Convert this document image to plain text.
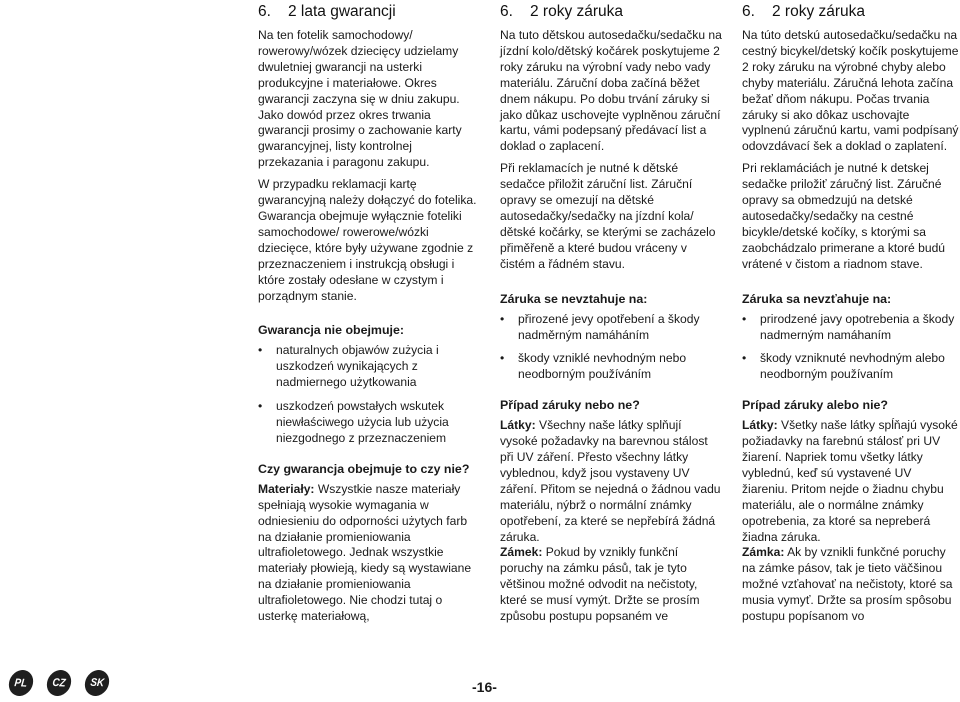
6. 2 lata gwarancji

Na ten fotelik samochodowy/ rowerowy/wózek dziecięcy udzielamy dwuletniej gwarancji na usterki produkcyjne i materiałowe. Okres gwarancji zaczyna się w dniu zakupu. Jako dowód przez okres trwania gwarancji prosimy o zachowanie karty gwarancyjnej, listy kontrolnej przekazania i paragonu zakupu.

W przypadku reklamacji kartę gwarancyjną należy dołączyć do fotelika. Gwarancja obejmuje wyłącznie foteliki samochodowe/ rowerowe/wózki dziecięce, które były używane zgodnie z przeznaczeniem i instrukcją obsługi i które zostały odesłane w czystym i porządnym stanie.

Gwarancja nie obejmuje:
• naturalnych objawów zużycia i uszkodzeń wynikających z nadmiernego użytkowania
• uszkodzeń powstałych wskutek niewłaściwego użycia lub użycia niezgodnego z przeznaczeniem
Czy gwarancja obejmuje to czy nie?

Materiały: Wszystkie nasze materiały spełniają wysokie wymagania w odniesieniu do odporności użytych farb na działanie promieniowania ultrafioletowego. Jednak wszystkie materiały płowieją, kiedy są wystawiane na działanie promieniowania ultrafioletowego. Nie chodzi tutaj o usterkę materiałową,

6. 2 roky záruka

Na tuto dětskou autosedačku/sedačku na jízdní kolo/dětský kočárek poskytujeme 2 roky záruku na výrobní vady nebo vady materiálu. Záruční doba začíná běžet dnem nákupu. Po dobu trvání záruky si jako důkaz uschovejte vyplněnou záruční kartu, vámi podepsaný předávací list a doklad o zaplacení.

Při reklamacích je nutné k dětské sedačce přiložit záruční list. Záruční opravy se omezují na dětské autosedačky/sedačky na jízdní kola/ dětské kočárky, se kterými se zacházelo přiměřeně a které budou vráceny v čistém a řádném stavu.

Záruka se nevztahuje na:
• přirozené jevy opotřebení a škody nadměrným namáháním
• škody vzniklé nevhodným nebo neodborným používáním
Případ záruky nebo ne?

Látky: Všechny naše látky splňují vysoké požadavky na barevnou stálost při UV záření. Přesto všechny látky vyblednou, když jsou vystaveny UV záření. Přitom se nejedná o žádnou vadu materiálu, nýbrž o normální známky opotřebení, za které se nepřebírá žádná záruka.

Zámek: Pokud by vznikly funkční poruchy na zámku pásů, tak je tyto většinou možné odvodit na nečistoty, které se musí vymýt. Držte se prosím způsobu postupu popsaném ve

6. 2 roky záruka

Na túto detskú autosedačku/sedačku na cestný bicykel/detský kočík poskytujeme 2 roky záruku na výrobné chyby alebo chyby materiálu. Záručná lehota začína bežať dňom nákupu. Počas trvania záruky si ako dôkaz uschovajte vyplnenú záručnú kartu, vami podpísaný odovzdávací šek a doklad o zaplatení.

Pri reklamáciách je nutné k detskej sedačke priložiť záručný list. Záručné opravy sa obmedzujú na detské autosedačky/sedačky na cestné bicykle/detské kočíky, s ktorými sa zaobchádzalo primerane a ktoré budú vrátené v čistom a riadnom stave.

Záruka sa nevzťahuje na:
• prirodzené javy opotrebenia a škody nadmerným namáhaním
• škody vzniknuté nevhodným alebo neodborným používaním
Prípad záruky alebo nie?

Látky: Všetky naše látky spĺňajú vysoké požiadavky na farebnú stálosť pri UV žiarení. Napriek tomu všetky látky vyblednú, keď sú vystavené UV žiareniu. Pritom nejde o žiadnu chybu materiálu, ale o normálne známky opotrebenia, za ktoré sa nepreberá žiadna záruka.

Zámka: Ak by vznikli funkčné poruchy na zámke pásov, tak je tieto väčšinou možné vzťahovať na nečistoty, ktoré sa musia vymyť. Držte sa prosím spôsobu postupu popísanom vo

PL CZ SK	-16-
